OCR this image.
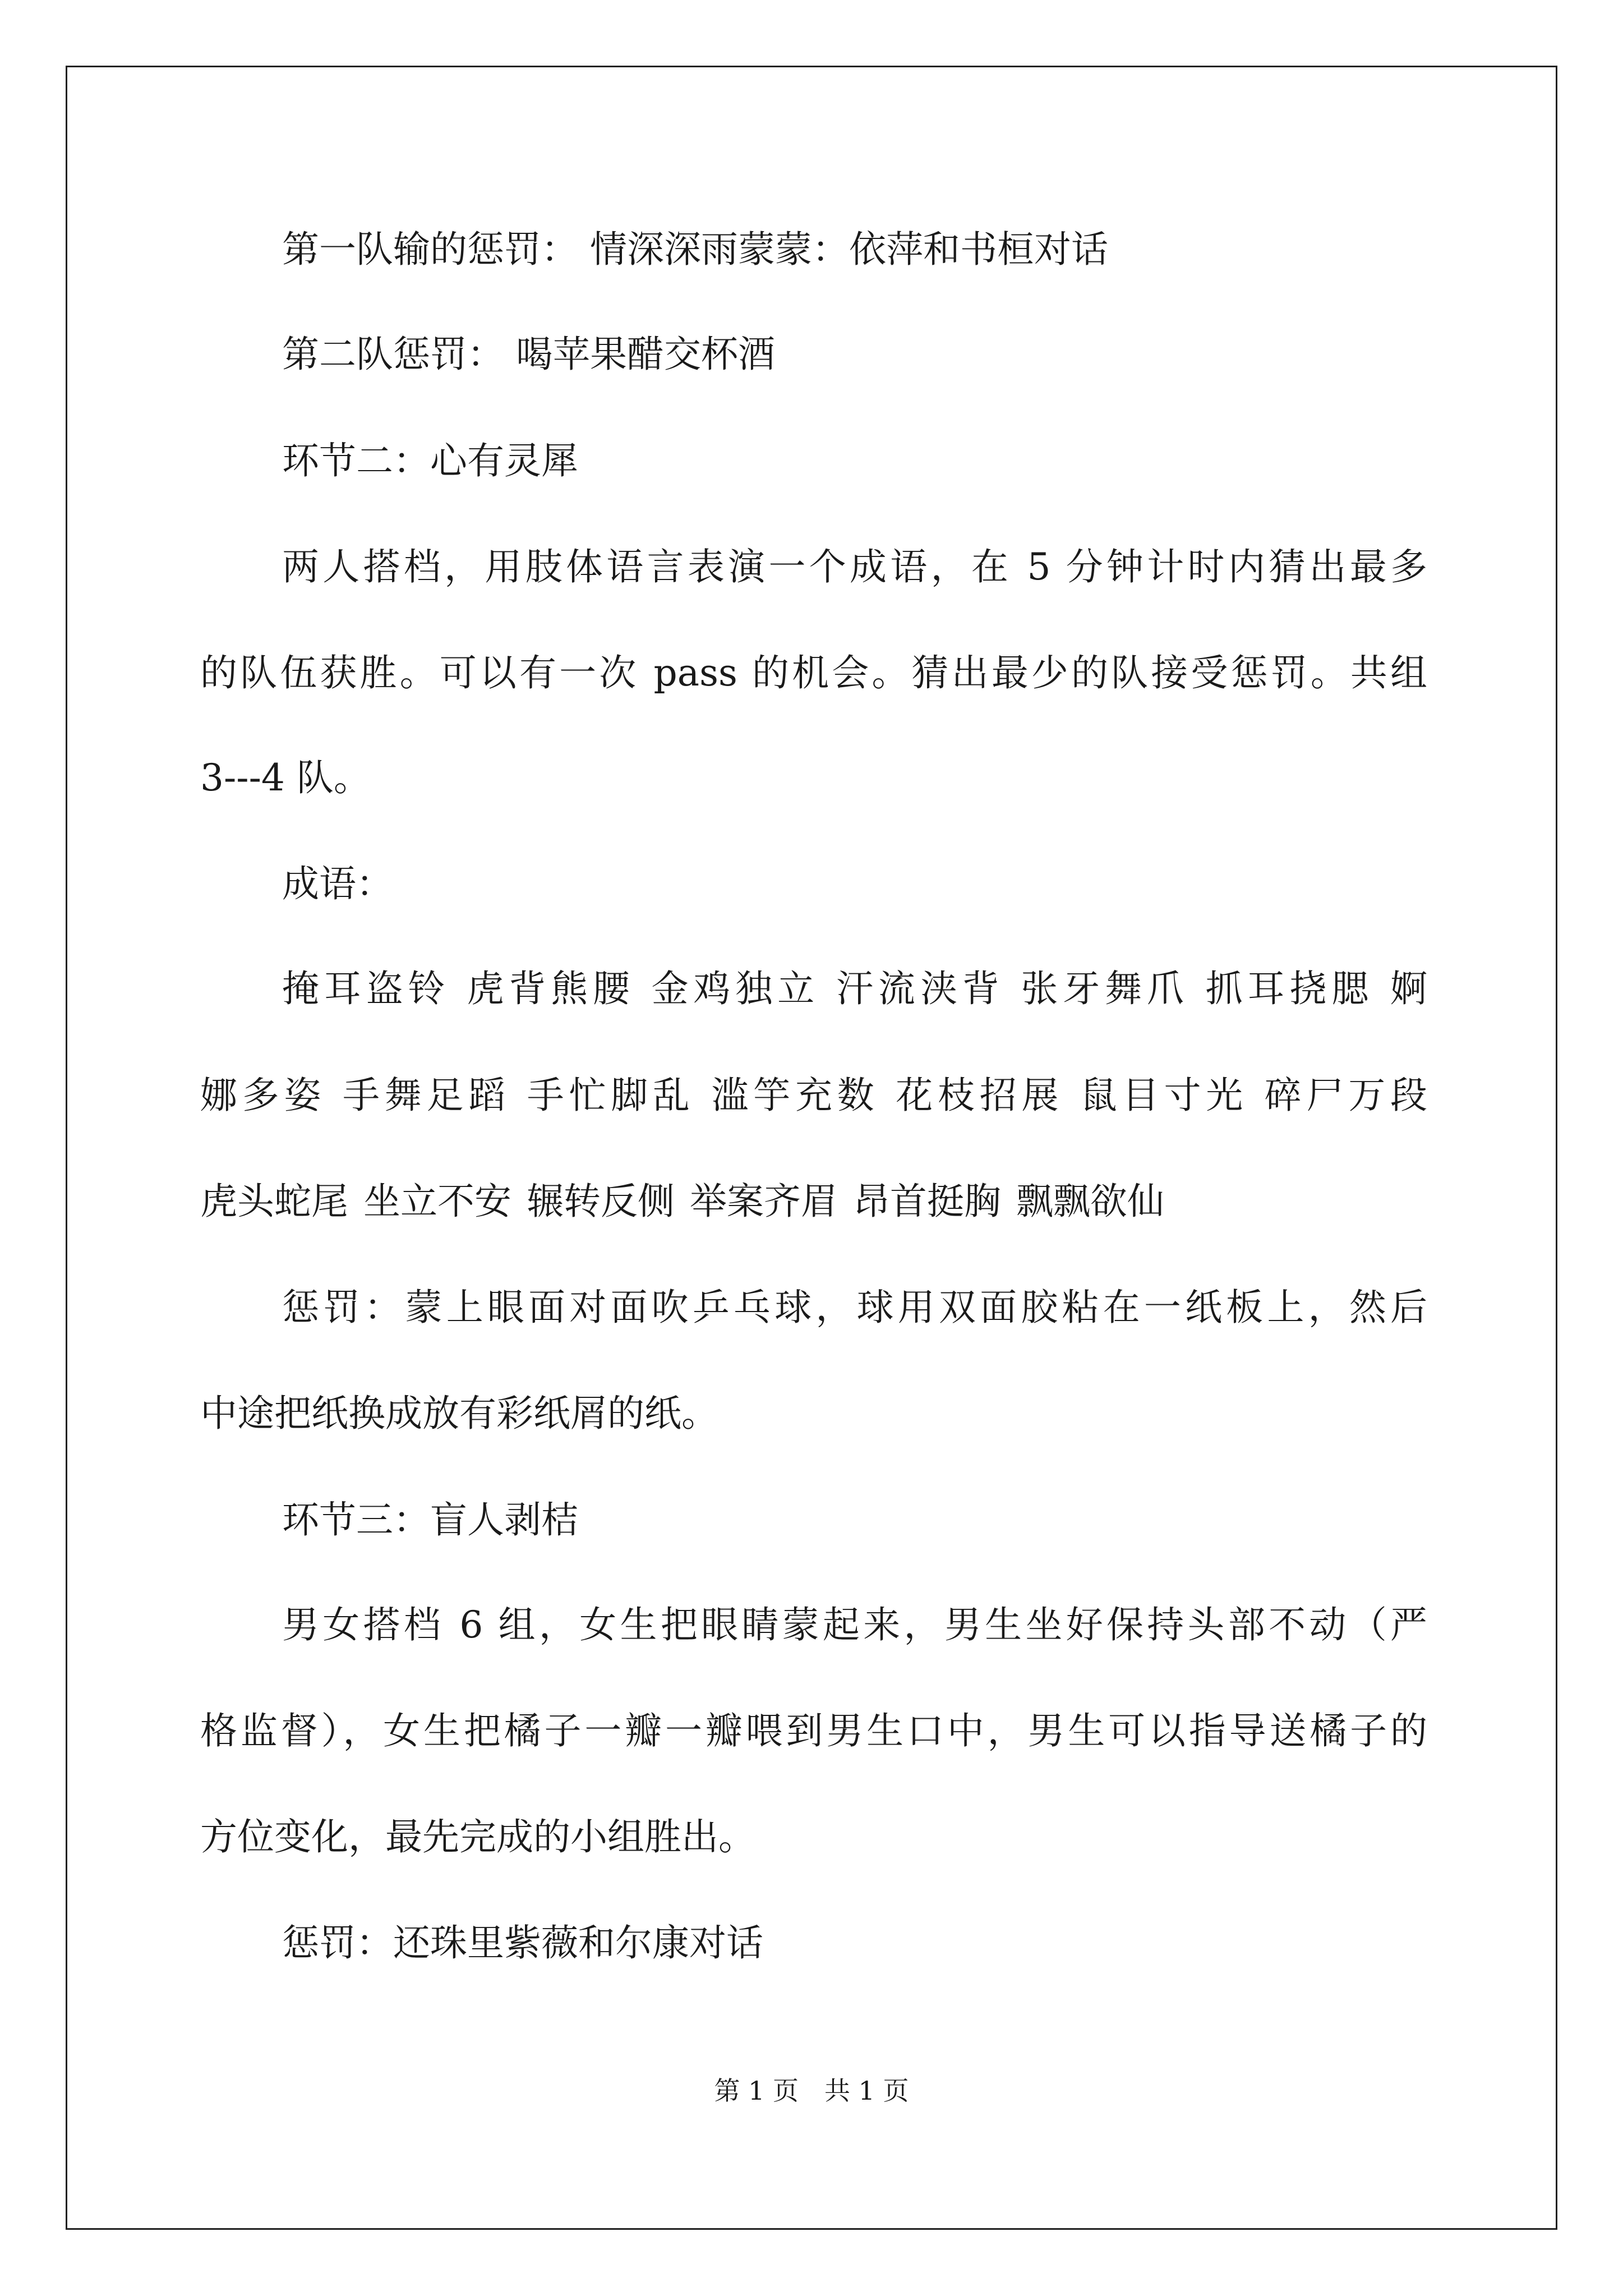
第一队输的惩罚： 情深深雨蒙蒙：依萍和书桓对话
第二队惩罚： 喝苹果醋交杯酒
环节二：心有灵犀
两人搭档，用肢体语言表演一个成语，在 5 分钟计时内猜出最多
的队伍获胜。可以有一次 pass 的机会。猜出最少的队接受惩罚。共组
3---4 队。
成语：
掩耳盗铃 虎背熊腰 金鸡独立 汗流浃背 张牙舞爪 抓耳挠腮 婀
娜多姿 手舞足蹈 手忙脚乱 滥竽充数 花枝招展 鼠目寸光 碎尸万段
虎头蛇尾 坐立不安 辗转反侧 举案齐眉 昂首挺胸 飘飘欲仙
惩罚：蒙上眼面对面吹乒乓球，球用双面胶粘在一纸板上，然后
中途把纸换成放有彩纸屑的纸。
环节三：盲人剥桔
男女搭档 6 组，女生把眼睛蒙起来，男生坐好保持头部不动（严
格监督），女生把橘子一瓣一瓣喂到男生口中，男生可以指导送橘子的
方位变化，最先完成的小组胜出。
惩罚：还珠里紫薇和尔康对话
第 1 页　共 1 页
